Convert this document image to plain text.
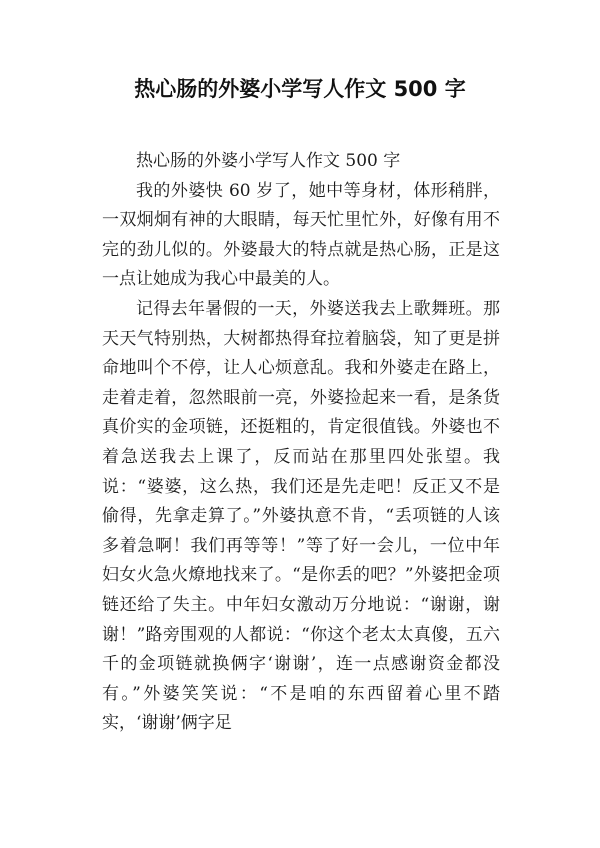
热心肠的外婆小学写人作文 500 字

热心肠的外婆小学写人作文 500 字

我的外婆快 60 岁了，她中等身材，体形稍胖，一双炯炯有神的大眼睛，每天忙里忙外，好像有用不完的劲儿似的。外婆最大的特点就是热心肠，正是这一点让她成为我心中最美的人。

记得去年暑假的一天，外婆送我去上歌舞班。那天天气特别热，大树都热得耷拉着脑袋，知了更是拼命地叫个不停，让人心烦意乱。我和外婆走在路上，走着走着，忽然眼前一亮，外婆捡起来一看，是条货真价实的金项链，还挺粗的，肯定很值钱。外婆也不着急送我去上课了，反而站在那里四处张望。我说：“婆婆，这么热，我们还是先走吧！反正又不是偷得，先拿走算了。”外婆执意不肯，“丢项链的人该多着急啊！我们再等等！”等了好一会儿，一位中年妇女火急火燎地找来了。“是你丢的吧？”外婆把金项链还给了失主。中年妇女激动万分地说：“谢谢，谢谢！”路旁围观的人都说：“你这个老太太真傻，五六千的金项链就换俩字‘谢谢’，连一点感谢资金都没有。”外婆笑笑说：“不是咱的东西留着心里不踏实，‘谢谢’俩字足
